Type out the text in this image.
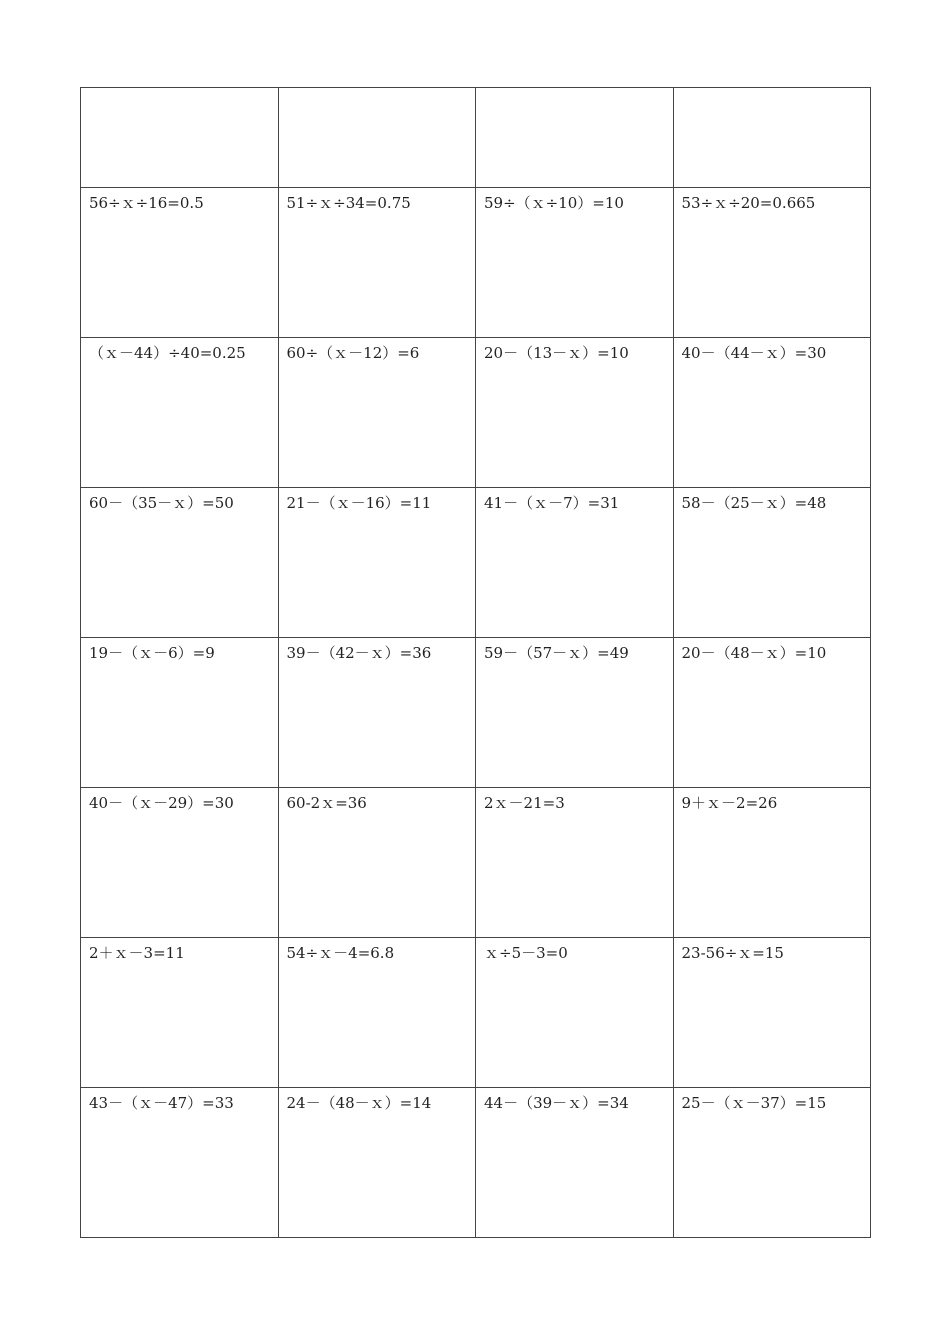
56÷ｘ÷16=0.5	51÷ｘ÷34=0.75	59÷（ｘ÷10）=10	53÷ｘ÷20=0.665

（ｘ－44）÷40=0.25	60÷（ｘ－12）=6	20－（13－ｘ）=10	40－（44－ｘ）=30

60－（35－ｘ）=50	21－（ｘ－16）=11	41－（ｘ－7）=31	58－（25－ｘ）=48

19－（ｘ－6）=9	39－（42－ｘ）=36	59－（57－ｘ）=49	20－（48－ｘ）=10

40－（ｘ－29）=30	60-2ｘ=36	2ｘ－21=3	9＋ｘ－2=26

2＋ｘ－3=11	54÷ｘ－4=6.8	ｘ÷5－3=0	23-56÷ｘ=15

43－（ｘ－47）=33	24－（48－ｘ）=14	44－（39－ｘ）=34	25－（ｘ－37）=15
